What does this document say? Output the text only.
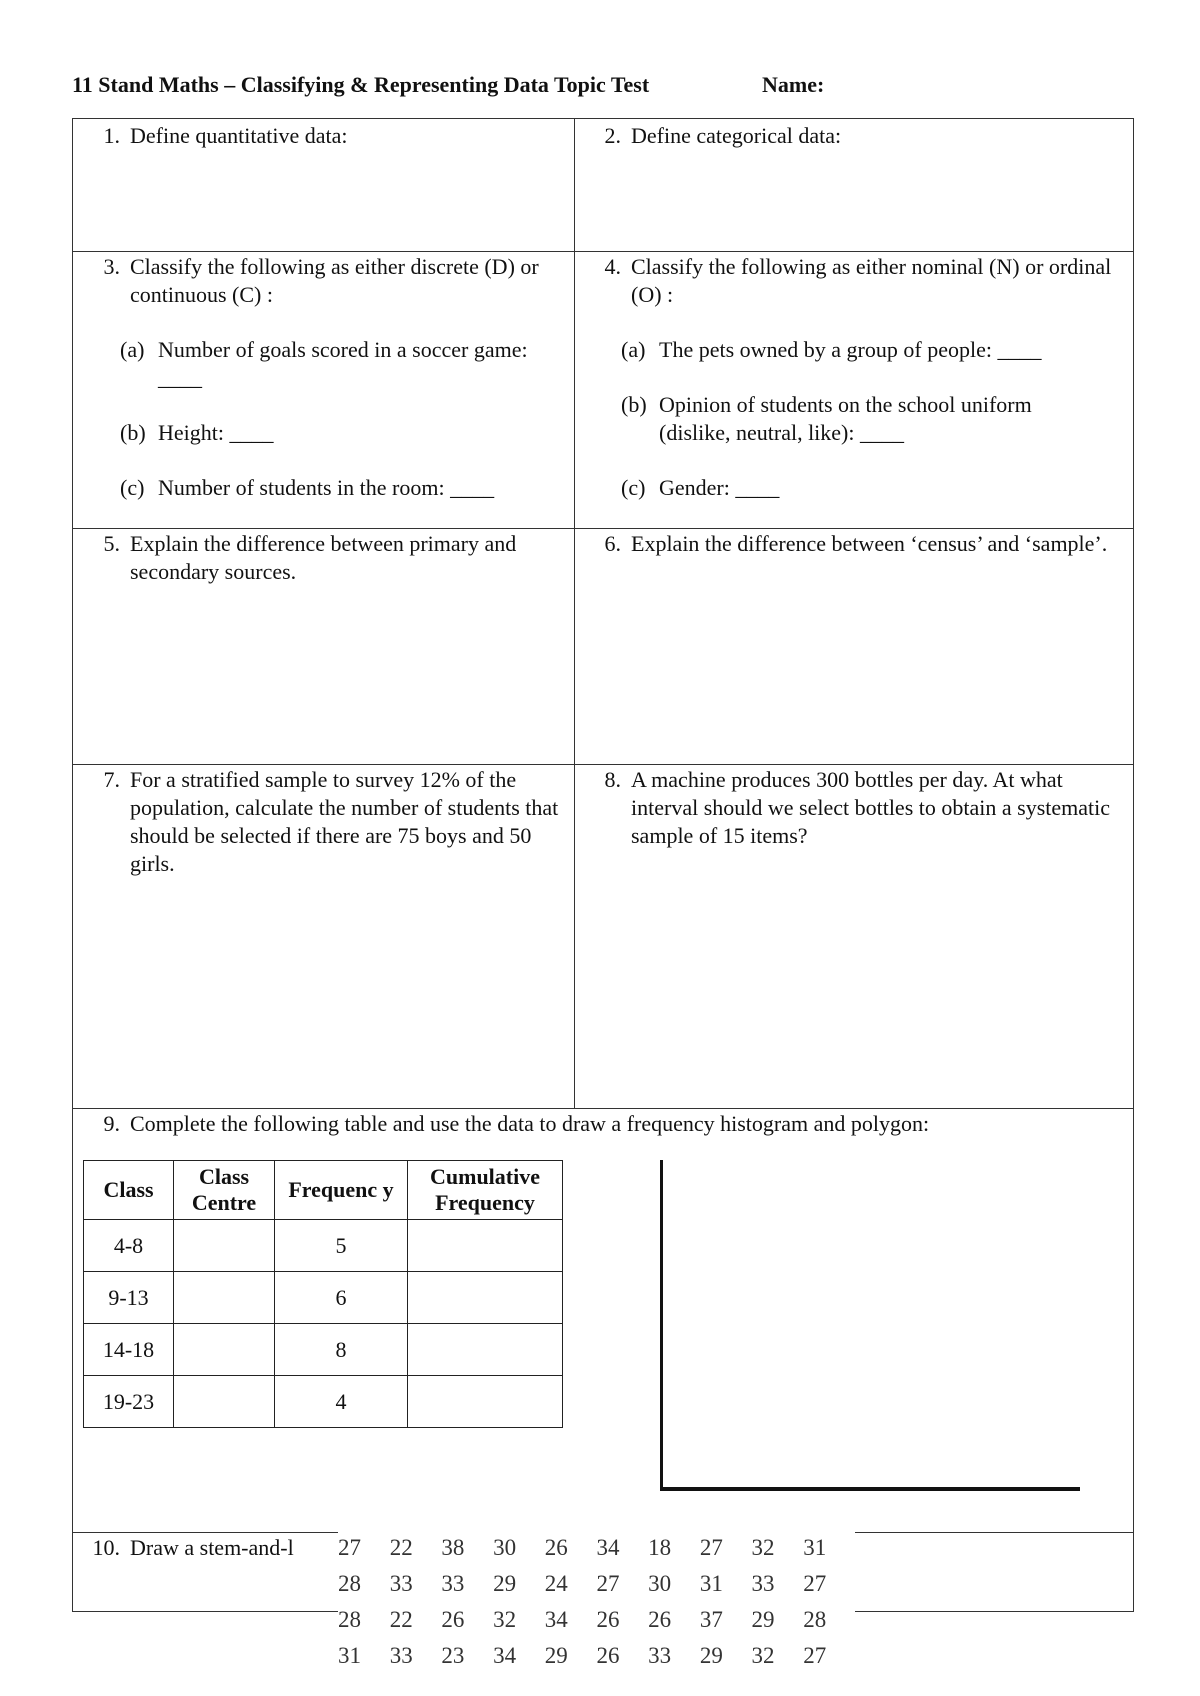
11 Stand Maths – Classifying & Representing Data Topic Test	Name:
1. Define quantitative data:	2. Define categorical data:
3. Classify the following as either discrete (D) or continuous (C) :
(a) Number of goals scored in a soccer game: ____
(b) Height: ____
(c) Number of students in the room: ____
4. Classify the following as either nominal (N) or ordinal (O) :
(a) The pets owned by a group of people: ____
(b) Opinion of students on the school uniform (dislike, neutral, like): ____
(c) Gender: ____
5. Explain the difference between primary and secondary sources.
6. Explain the difference between ‘census’ and ‘sample’.
7. For a stratified sample to survey 12% of the population, calculate the number of students that should be selected if there are 75 boys and 50 girls.
8. A machine produces 300 bottles per day. At what interval should we select bottles to obtain a systematic sample of 15 items?
9. Complete the following table and use the data to draw a frequency histogram and polygon:
Class	Class Centre	Frequenc y	Cumulative Frequency
4-8		5	
9-13		6	
14-18		8	
19-23		4	
10. Draw a stem-and-l	27	22	38	30	26	34	18	27	32	31
28	33	33	29	24	27	30	31	33	27
28	22	26	32	34	26	26	37	29	28
31	33	23	34	29	26	33	29	32	27
